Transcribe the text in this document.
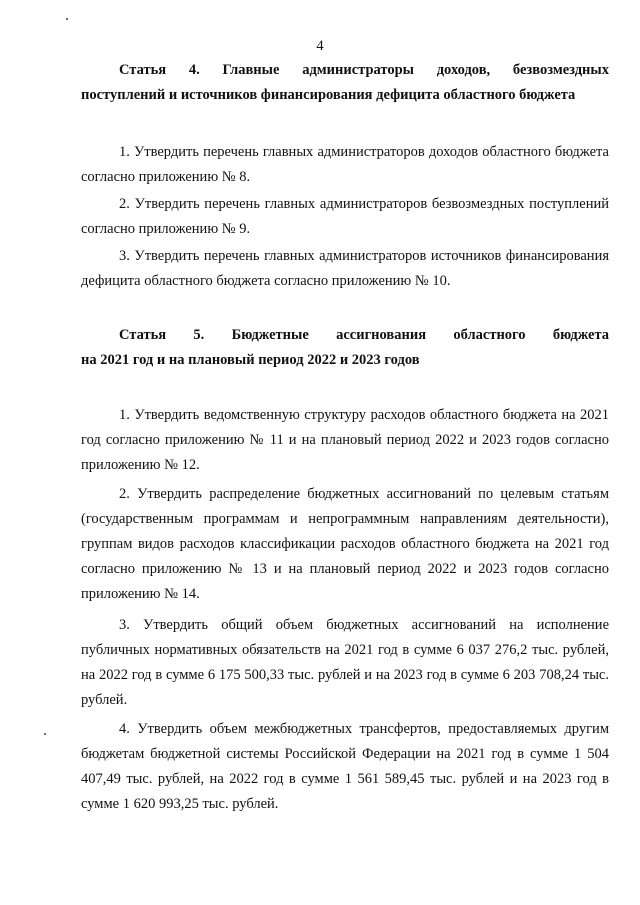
4
Статья 4. Главные администраторы доходов, безвозмездных
поступлений и источников финансирования дефицита областного бюджета
1. Утвердить перечень главных администраторов доходов областного бюджета согласно приложению № 8.
2. Утвердить перечень главных администраторов безвозмездных поступлений согласно приложению № 9.
3. Утвердить перечень главных администраторов источников финансирования дефицита областного бюджета согласно приложению № 10.
Статья 5. Бюджетные ассигнования областного бюджета
на 2021 год и на плановый период 2022 и 2023 годов
1. Утвердить ведомственную структуру расходов областного бюджета на 2021 год согласно приложению № 11 и на плановый период 2022 и 2023 годов согласно приложению № 12.
2. Утвердить распределение бюджетных ассигнований по целевым статьям (государственным программам и непрограммным направлениям деятельности), группам видов расходов классификации расходов областного бюджета на 2021 год согласно приложению № 13 и на плановый период 2022 и 2023 годов согласно приложению № 14.
3. Утвердить общий объем бюджетных ассигнований на исполнение публичных нормативных обязательств на 2021 год в сумме 6 037 276,2 тыс. рублей, на 2022 год в сумме 6 175 500,33 тыс. рублей и на 2023 год в сумме 6 203 708,24 тыс. рублей.
4. Утвердить объем межбюджетных трансфертов, предоставляемых другим бюджетам бюджетной системы Российской Федерации на 2021 год в сумме 1 504 407,49 тыс. рублей, на 2022 год в сумме 1 561 589,45 тыс. рублей и на 2023 год в сумме 1 620 993,25 тыс. рублей.
